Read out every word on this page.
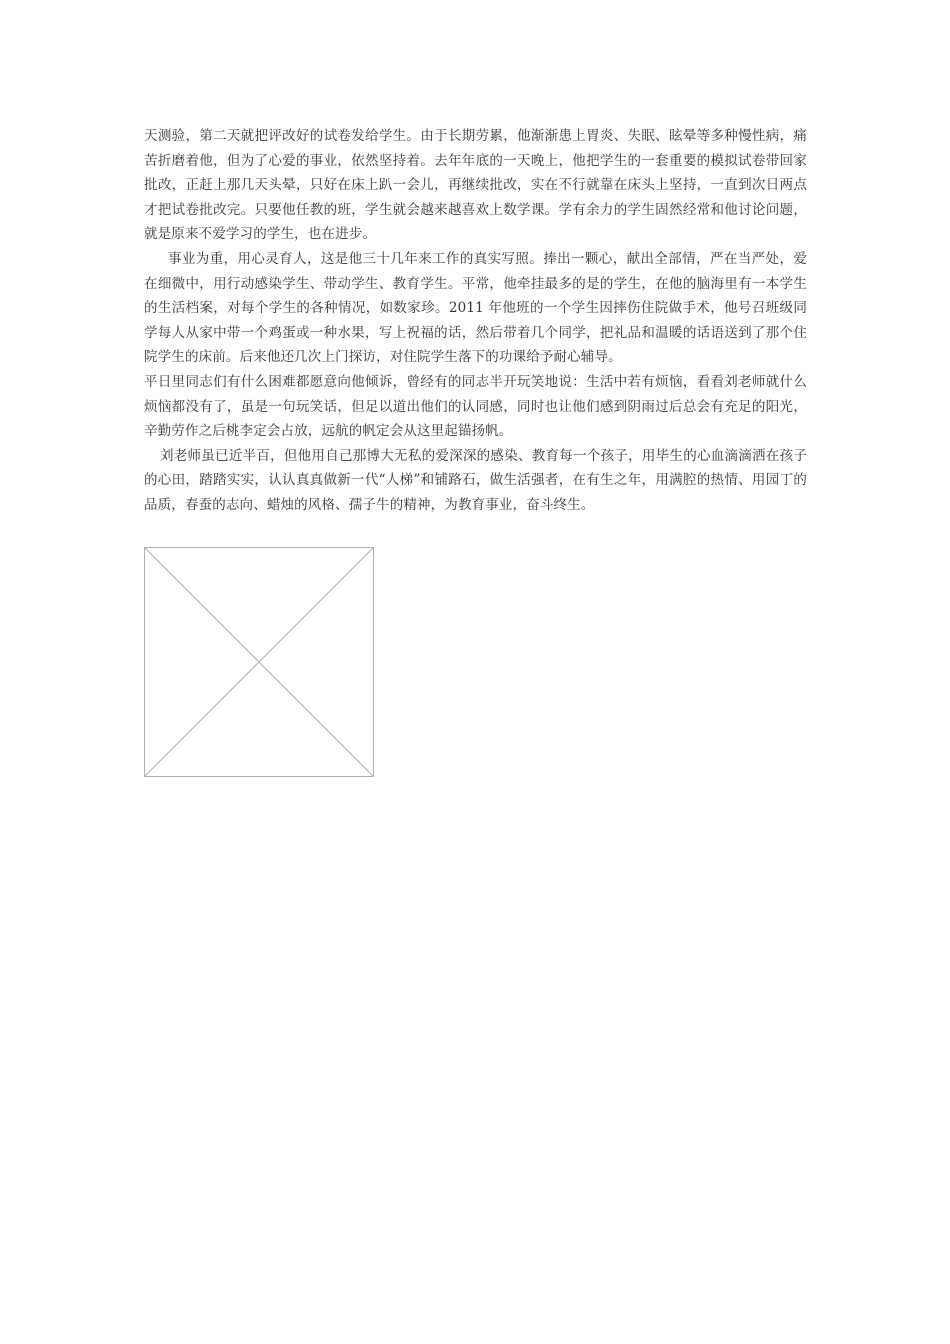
天测验，第二天就把评改好的试卷发给学生。由于长期劳累，他渐渐患上胃炎、失眠、眩晕等多种慢性病，痛苦折磨着他，但为了心爱的事业，依然坚持着。去年年底的一天晚上，他把学生的一套重要的模拟试卷带回家批改，正赶上那几天头晕，只好在床上趴一会儿，再继续批改，实在不行就靠在床头上坚持，一直到次日两点才把试卷批改完。只要他任教的班，学生就会越来越喜欢上数学课。学有余力的学生固然经常和他讨论问题，就是原来不爱学习的学生，也在进步。

事业为重，用心灵育人，这是他三十几年来工作的真实写照。捧出一颗心，献出全部情，严在当严处，爱在细微中，用行动感染学生、带动学生、教育学生。平常，他牵挂最多的是的学生，在他的脑海里有一本学生的生活档案，对每个学生的各种情况，如数家珍。2011 年他班的一个学生因摔伤住院做手术，他号召班级同学每人从家中带一个鸡蛋或一种水果，写上祝福的话，然后带着几个同学，把礼品和温暖的话语送到了那个住院学生的床前。后来他还几次上门探访，对住院学生落下的功课给予耐心辅导。

平日里同志们有什么困难都愿意向他倾诉，曾经有的同志半开玩笑地说：生活中若有烦恼，看看刘老师就什么烦恼都没有了，虽是一句玩笑话，但足以道出他们的认同感，同时也让他们感到阴雨过后总会有充足的阳光，辛勤劳作之后桃李定会占放，远航的帆定会从这里起锚扬帆。

刘老师虽已近半百，但他用自己那博大无私的爱深深的感染、教育每一个孩子，用毕生的心血滴滴洒在孩子的心田，踏踏实实，认认真真做新一代“人梯”和铺路石，做生活强者，在有生之年，用满腔的热情、用园丁的品质，春蚕的志向、蜡烛的风格、孺子牛的精神，为教育事业，奋斗终生。
